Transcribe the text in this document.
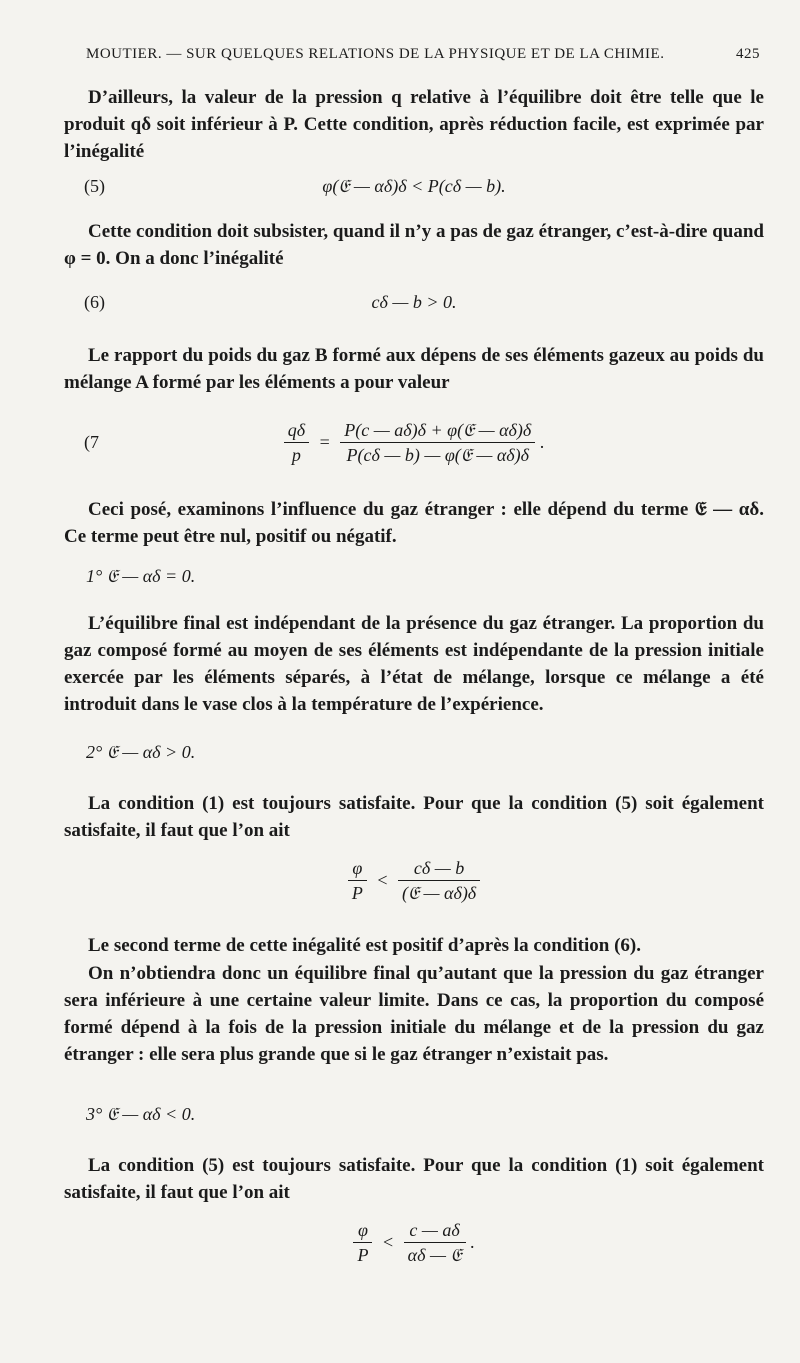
MOUTIER. — SUR QUELQUES RELATIONS DE LA PHYSIQUE ET DE LA CHIMIE.	425
D’ailleurs, la valeur de la pression q relative à l’équilibre doit être telle que le produit qδ soit inférieur à P. Cette condition, après réduction facile, est exprimée par l’inégalité
(5)	φ(𝔈 — αδ)δ < P(cδ — b).
Cette condition doit subsister, quand il n’y a pas de gaz étranger, c’est-à-dire quand φ = 0. On a donc l’inégalité
(6)	cδ — b > 0.
Le rapport du poids du gaz B formé aux dépens de ses éléments gazeux au poids du mélange A formé par les éléments a pour valeur
(7	$\frac{q\delta}{p} = \frac{\text{P(c — aδ)δ + φ(𝔈 — αδ)δ}}{\text{P(cδ — b) — φ(𝔈 — αδ)δ}}$ .
Ceci posé, examinons l’influence du gaz étranger : elle dépend du terme 𝔈 — αδ. Ce terme peut être nul, positif ou négatif.
1° 𝔈 — αδ = 0.
L’équilibre final est indépendant de la présence du gaz étranger. La proportion du gaz composé formé au moyen de ses éléments est indépendante de la pression initiale exercée par les éléments séparés, à l’état de mélange, lorsque ce mélange a été introduit dans le vase clos à la température de l’expérience.
2° 𝔈 — αδ > 0.
La condition (1) est toujours satisfaite. Pour que la condition (5) soit également satisfaite, il faut que l’on ait
$\frac{\varphi}{P} < \frac{c\delta — b}{\text{(𝔈 — αδ)δ}}$
Le second terme de cette inégalité est positif d’après la condition (6).
On n’obtiendra donc un équilibre final qu’autant que la pression du gaz étranger sera inférieure à une certaine valeur limite. Dans ce cas, la proportion du composé formé dépend à la fois de la pression initiale du mélange et de la pression du gaz étranger : elle sera plus grande que si le gaz étranger n’existait pas.
3° 𝔈 — αδ < 0.
La condition (5) est toujours satisfaite. Pour que la condition (1) soit également satisfaite, il faut que l’on ait
$\frac{\varphi}{P} < \frac{c — a\delta}{\text{αδ — 𝔈}}$ .
